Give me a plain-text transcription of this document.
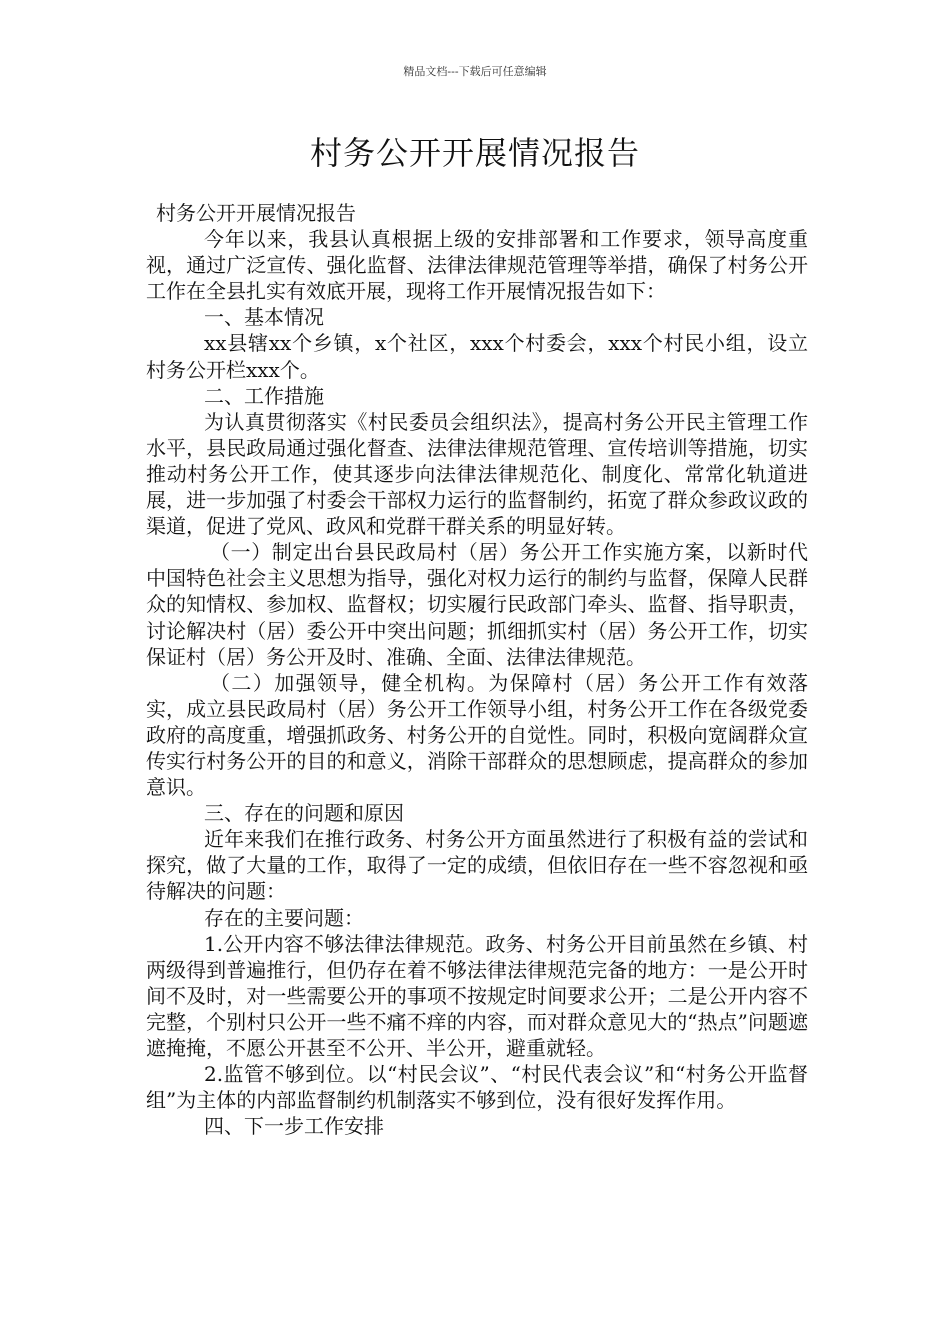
精品文档---下载后可任意编辑
村务公开开展情况报告

村务公开开展情况报告

今年以来，我县认真根据上级的安排部署和工作要求，领导高度重视，通过广泛宣传、强化监督、法律法律规范管理等举措，确保了村务公开工作在全县扎实有效底开展，现将工作开展情况报告如下：

一、基本情况

xx县辖xx个乡镇，x个社区，xxx个村委会，xxx个村民小组，设立村务公开栏xxx个。

二、工作措施

为认真贯彻落实《村民委员会组织法》，提高村务公开民主管理工作水平，县民政局通过强化督查、法律法律规范管理、宣传培训等措施，切实推动村务公开工作，使其逐步向法律法律规范化、制度化、常常化轨道进展，进一步加强了村委会干部权力运行的监督制约，拓宽了群众参政议政的渠道，促进了党风、政风和党群干群关系的明显好转。

（一）制定出台县民政局村（居）务公开工作实施方案，以新时代中国特色社会主义思想为指导，强化对权力运行的制约与监督，保障人民群众的知情权、参加权、监督权；切实履行民政部门牵头、监督、指导职责，讨论解决村（居）委公开中突出问题；抓细抓实村（居）务公开工作，切实保证村（居）务公开及时、准确、全面、法律法律规范。

（二）加强领导，健全机构。为保障村（居）务公开工作有效落实，成立县民政局村（居）务公开工作领导小组，村务公开工作在各级党委政府的高度重，增强抓政务、村务公开的自觉性。同时，积极向宽阔群众宣传实行村务公开的目的和意义，消除干部群众的思想顾虑，提高群众的参加意识。

三、存在的问题和原因

近年来我们在推行政务、村务公开方面虽然进行了积极有益的尝试和探究，做了大量的工作，取得了一定的成绩，但依旧存在一些不容忽视和亟待解决的问题：

存在的主要问题：

1.公开内容不够法律法律规范。政务、村务公开目前虽然在乡镇、村两级得到普遍推行，但仍存在着不够法律法律规范完备的地方：一是公开时间不及时，对一些需要公开的事项不按规定时间要求公开；二是公开内容不完整，个别村只公开一些不痛不痒的内容，而对群众意见大的“热点”问题遮遮掩掩，不愿公开甚至不公开、半公开，避重就轻。

2.监管不够到位。以“村民会议”、“村民代表会议”和“村务公开监督组”为主体的内部监督制约机制落实不够到位，没有很好发挥作用。

四、下一步工作安排
